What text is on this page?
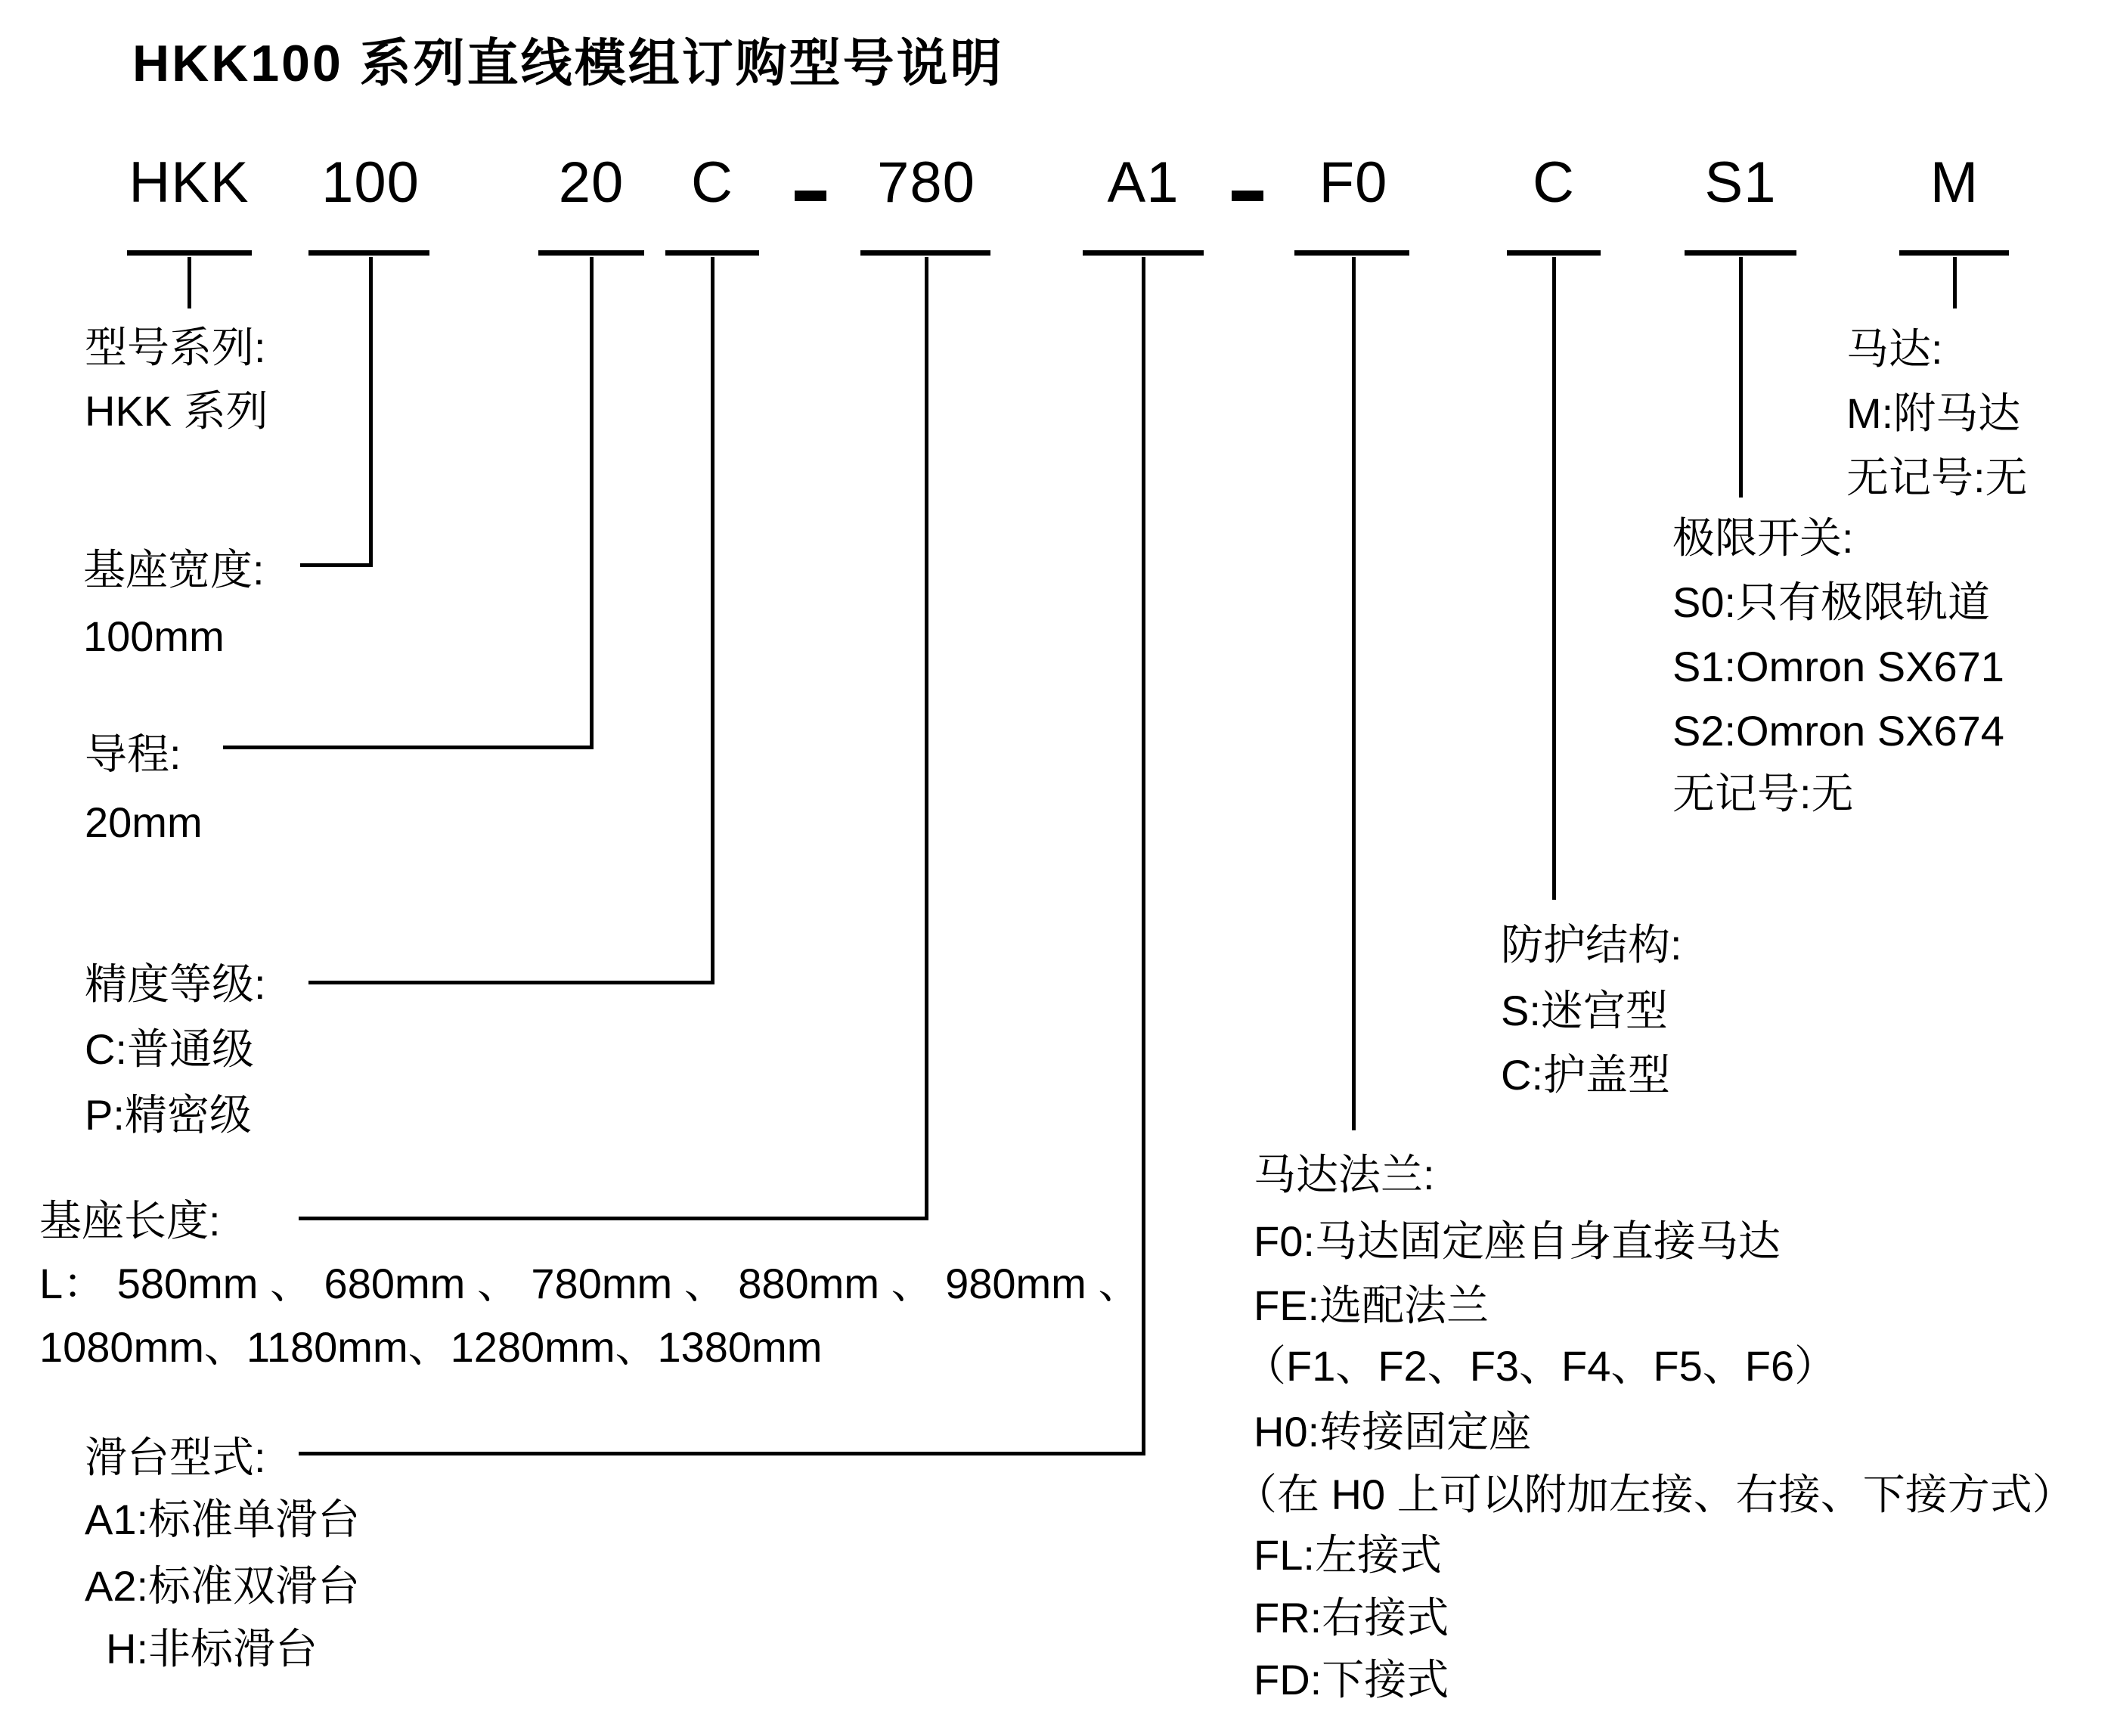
HKK100 系列直线模组订购型号说明
HKK 100 20 C	780 A1 F0	C S1	M
型号系列:
HKK 系列
基座宽度:
100mm
导程:
20mm
精度等级:
C:普通级
P:精密级
基座长度:
L： 580mm 、 680mm 、 780mm 、 880mm 、 980mm 、
1080mm、1180mm、1280mm、1380mm
滑台型式:
A1:标准单滑台
A2:标准双滑台
H:非标滑台
马达法兰:
F0:马达固定座自身直接马达
FE:选配法兰
（F1、F2、F3、F4、F5、F6）
H0:转接固定座
（在 H0 上可以附加左接、右接、下接方式）
FL:左接式
FR:右接式
FD:下接式
防护结构:
S:迷宫型
C:护盖型
极限开关:
S0:只有极限轨道
S1:Omron SX671
S2:Omron SX674
无记号:无
马达:
M:附马达
无记号:无
